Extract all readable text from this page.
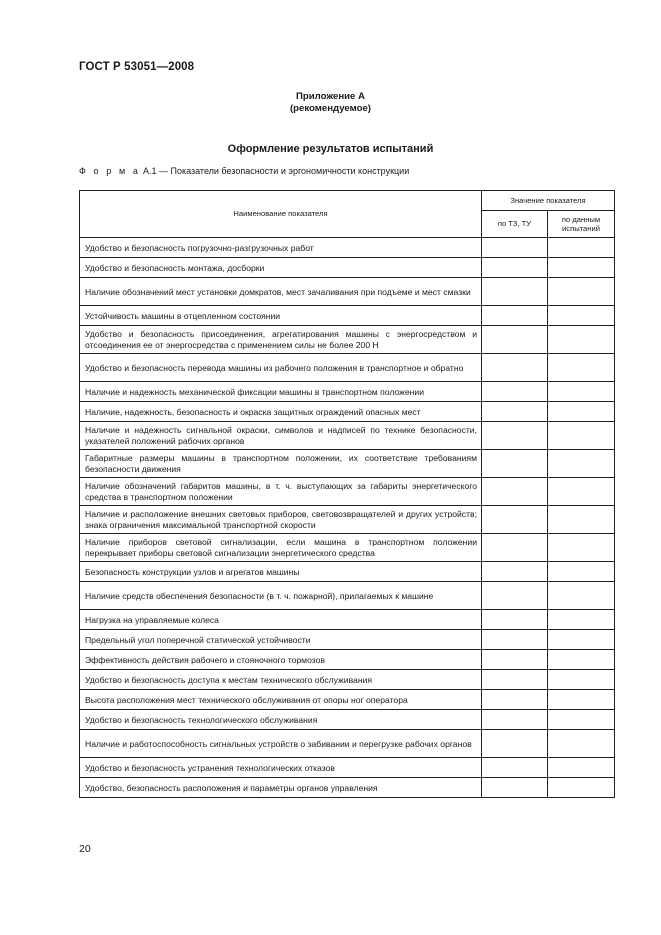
ГОСТ Р 53051—2008
Приложение А
(рекомендуемое)
Оформление результатов испытаний
Ф о р м а А.1 — Показатели безопасности и эргономичности конструкции
Наименование показателя	Значение показателя	
	по ТЗ, ТУ	по данным испытаний
Удобство и безопасность погрузочно-разгрузочных работ		
Удобство и безопасность монтажа, досборки		
Наличие обозначений мест установки домкратов, мест зачаливания при подъеме и мест смазки		
Устойчивость машины в отцепленном состоянии		
Удобство и безопасность присоединения, агрегатирования машины с энергосредством и отсоединения ее от энергосредства с применением силы не более 200 Н		
Удобство и безопасность перевода машины из рабочего положения в транспортное и обратно		
Наличие и надежность механической фиксации машины в транспортном положении		
Наличие, надежность, безопасность и окраска защитных ограждений опасных мест		
Наличие и надежность сигнальной окраски, символов и надписей по технике безопасности, указателей положений рабочих органов		
Габаритные размеры машины в транспортном положении, их соответствие требованиям безопасности движения		
Наличие обозначений габаритов машины, в т. ч. выступающих за габариты энергетического средства в транспортном положении		
Наличие и расположение внешних световых приборов, световозвращателей и других устройств; знака ограничения максимальной транспортной скорости		
Наличие приборов световой сигнализации, если машина в транспортном положении перекрывает приборы световой сигнализации энергетического средства		
Безопасность конструкции узлов и агрегатов машины		
Наличие средств обеспечения безопасности (в т. ч. пожарной), прилагаемых к машине		
Нагрузка на управляемые колеса		
Предельный угол поперечной статической устойчивости		
Эффективность действия рабочего и стояночного тормозов		
Удобство и безопасность доступа к местам технического обслуживания		
Высота расположения мест технического обслуживания от опоры ног оператора		
Удобство и безопасность технологического обслуживания		
Наличие и работоспособность сигнальных устройств о забивании и перегрузке рабочих органов		
Удобство и безопасность устранения технологических отказов		
Удобство, безопасность расположения и параметры органов управления		
20
